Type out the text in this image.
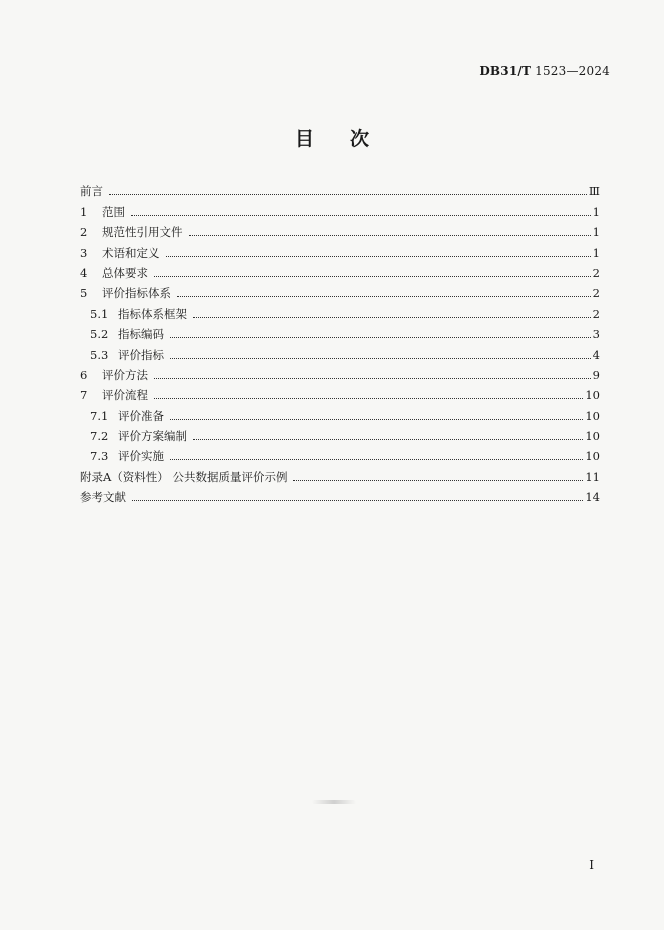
DB31/T 1523—2024
目次
前言	Ⅲ
1	范围	1
2	规范性引用文件	1
3	术语和定义	1
4	总体要求	2
5	评价指标体系	2
5.1 指标体系框架	2
5.2 指标编码	3
5.3 评价指标	4
6	评价方法	9
7	评价流程	10
7.1 评价准备	10
7.2 评价方案编制	10
7.3 评价实施	10
附录A（资料性） 公共数据质量评价示例	11
参考文献	14
I
